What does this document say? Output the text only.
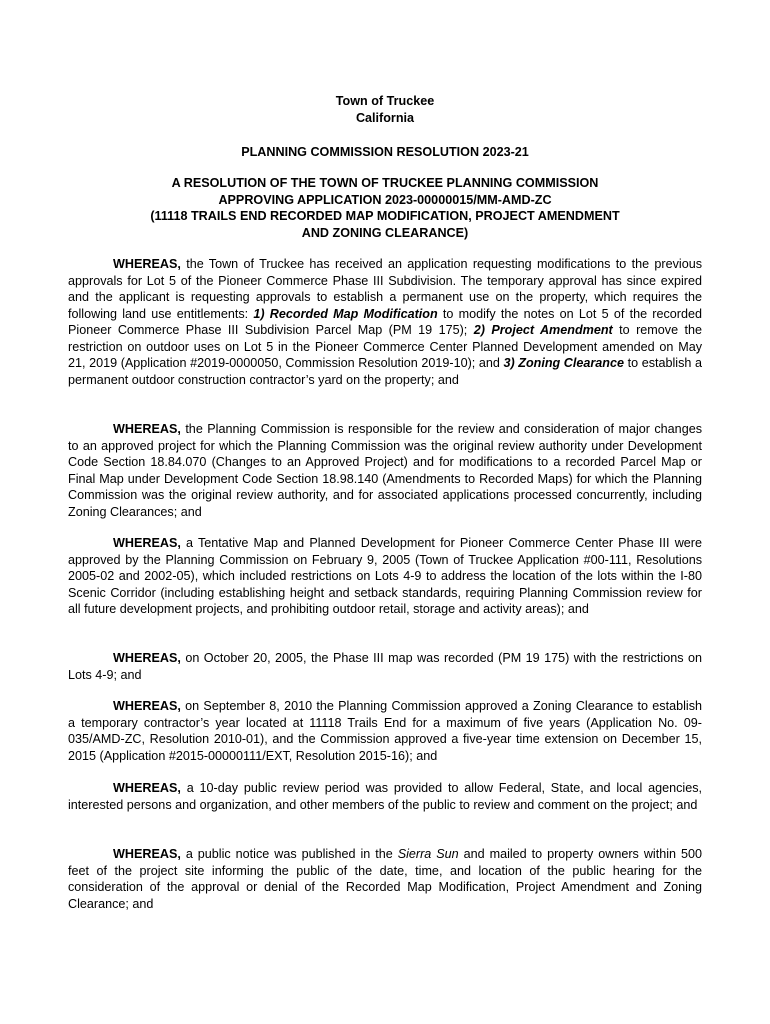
Town of Truckee
California
PLANNING COMMISSION RESOLUTION 2023-21
A RESOLUTION OF THE TOWN OF TRUCKEE PLANNING COMMISSION
APPROVING APPLICATION 2023-00000015/MM-AMD-ZC
(11118 TRAILS END RECORDED MAP MODIFICATION, PROJECT AMENDMENT
AND ZONING CLEARANCE)

WHEREAS, the Town of Truckee has received an application requesting modifications to the previous approvals for Lot 5 of the Pioneer Commerce Phase III Subdivision. The temporary approval has since expired and the applicant is requesting approvals to establish a permanent use on the property, which requires the following land use entitlements: 1) Recorded Map Modification to modify the notes on Lot 5 of the recorded Pioneer Commerce Phase III Subdivision Parcel Map (PM 19 175); 2) Project Amendment to remove the restriction on outdoor uses on Lot 5 in the Pioneer Commerce Center Planned Development amended on May 21, 2019 (Application #2019-0000050, Commission Resolution 2019-10); and 3) Zoning Clearance to establish a permanent outdoor construction contractor’s yard on the property; and

WHEREAS, the Planning Commission is responsible for the review and consideration of major changes to an approved project for which the Planning Commission was the original review authority under Development Code Section 18.84.070 (Changes to an Approved Project) and for modifications to a recorded Parcel Map or Final Map under Development Code Section 18.98.140 (Amendments to Recorded Maps) for which the Planning Commission was the original review authority, and for associated applications processed concurrently, including Zoning Clearances; and

WHEREAS, a Tentative Map and Planned Development for Pioneer Commerce Center Phase III were approved by the Planning Commission on February 9, 2005 (Town of Truckee Application #00-111, Resolutions 2005-02 and 2002-05), which included restrictions on Lots 4-9 to address the location of the lots within the I-80 Scenic Corridor (including establishing height and setback standards, requiring Planning Commission review for all future development projects, and prohibiting outdoor retail, storage and activity areas); and

WHEREAS, on October 20, 2005, the Phase III map was recorded (PM 19 175) with the restrictions on Lots 4-9; and

WHEREAS, on September 8, 2010 the Planning Commission approved a Zoning Clearance to establish a temporary contractor’s year located at 11118 Trails End for a maximum of five years (Application No. 09-035/AMD-ZC, Resolution 2010-01), and the Commission approved a five-year time extension on December 15, 2015 (Application #2015-00000111/EXT, Resolution 2015-16); and

WHEREAS, a 10-day public review period was provided to allow Federal, State, and local agencies, interested persons and organization, and other members of the public to review and comment on the project; and

WHEREAS, a public notice was published in the Sierra Sun and mailed to property owners within 500 feet of the project site informing the public of the date, time, and location of the public hearing for the consideration of the approval or denial of the Recorded Map Modification, Project Amendment and Zoning Clearance; and
